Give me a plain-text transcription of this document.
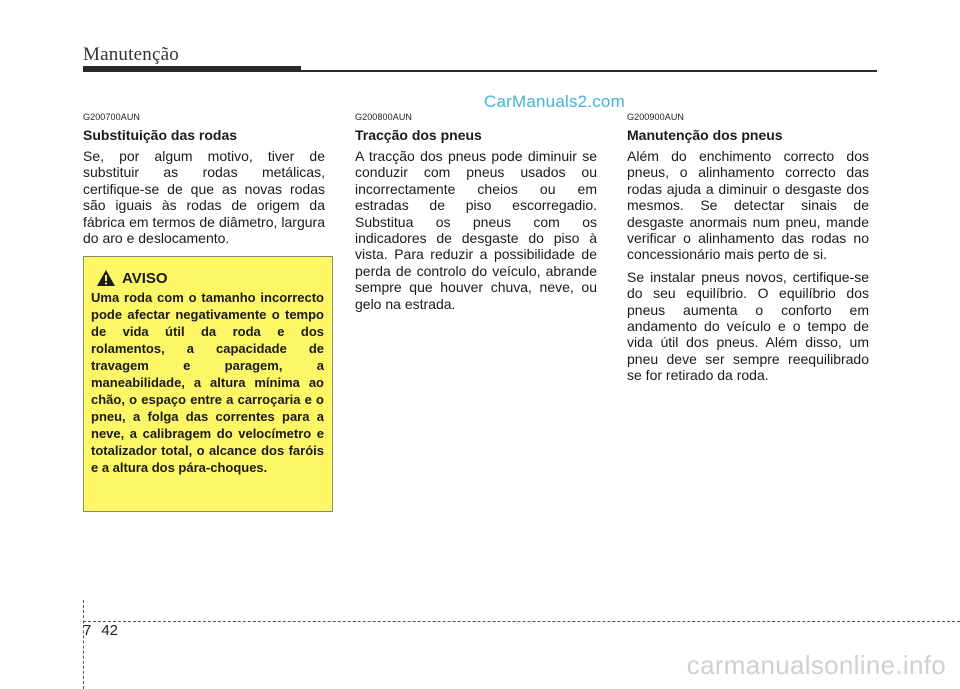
Manutenção
CarManuals2.com

G200700AUN

Substituição das rodas

Se, por algum motivo, tiver de substituir as rodas metálicas, certifique-se de que as novas rodas são iguais às rodas de origem da fábrica em termos de diâmetro, largura do aro e deslocamento.

AVISO

Uma roda com o tamanho incorrecto pode afectar negativamente o tempo de vida útil da roda e dos rolamentos, a capacidade de travagem e paragem, a maneabilidade, a altura mínima ao chão, o espaço entre a carroçaria e o pneu, a folga das correntes para a neve, a calibragem do velocímetro e totalizador total, o alcance dos faróis e a altura dos pára-choques.

G200800AUN

Tracção dos pneus

A tracção dos pneus pode diminuir se conduzir com pneus usados ou incorrectamente cheios ou em estradas de piso escorregadio. Substitua os pneus com os indicadores de desgaste do piso à vista. Para reduzir a possibilidade de perda de controlo do veículo, abrande sempre que houver chuva, neve, ou gelo na estrada.

G200900AUN

Manutenção dos pneus

Além do enchimento correcto dos pneus, o alinhamento correcto das rodas ajuda a diminuir o desgaste dos mesmos. Se detectar sinais de desgaste anormais num pneu, mande verificar o alinhamento das rodas no concessionário mais perto de si.

Se instalar pneus novos, certifique-se do seu equilíbrio. O equilíbrio dos pneus aumenta o conforto em andamento do veículo e o tempo de vida útil dos pneus. Além disso, um pneu deve ser sempre reequilibrado se for retirado da roda.

7 42
carmanualsonline.info
